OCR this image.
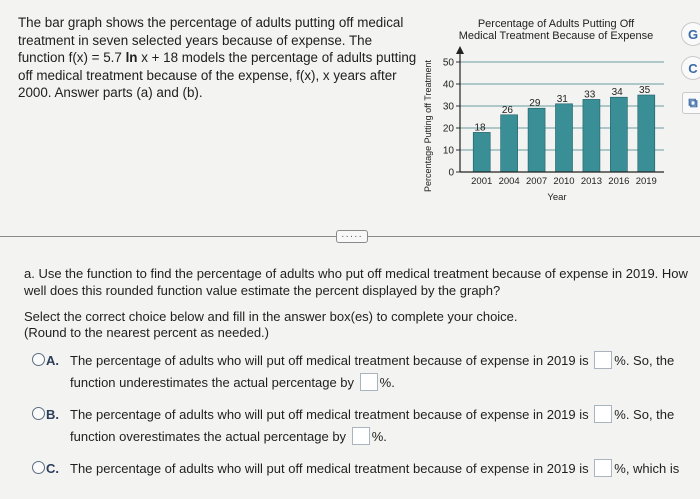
The bar graph shows the percentage of adults putting off medical
treatment in seven selected years because of expense. The
function f(x) = 5.7 ln x + 18 models the percentage of adults putting
off medical treatment because of the expense, f(x), x years after
2000. Answer parts (a) and (b).
Percentage of Adults Putting Off
Medical Treatment Because of Expense
Percentage Putting off Treatment
Year
18
26
29 31 33 34 35
0
10
20
30
40
50
2001 2004 2007 2010 2013 2016 2019
G
C
⧉
·····
a. Use the function to find the percentage of adults who put off medical treatment because of expense in 2019. How well does this rounded function value estimate the percent displayed by the graph?
Select the correct choice below and fill in the answer box(es) to complete your choice.
(Round to the nearest percent as needed.)
A. The percentage of adults who will put off medical treatment because of expense in 2019 is %. So, the
function underestimates the actual percentage by %.
B. The percentage of adults who will put off medical treatment because of expense in 2019 is %. So, the
function overestimates the actual percentage by %.
C. The percentage of adults who will put off medical treatment because of expense in 2019 is %, which is
